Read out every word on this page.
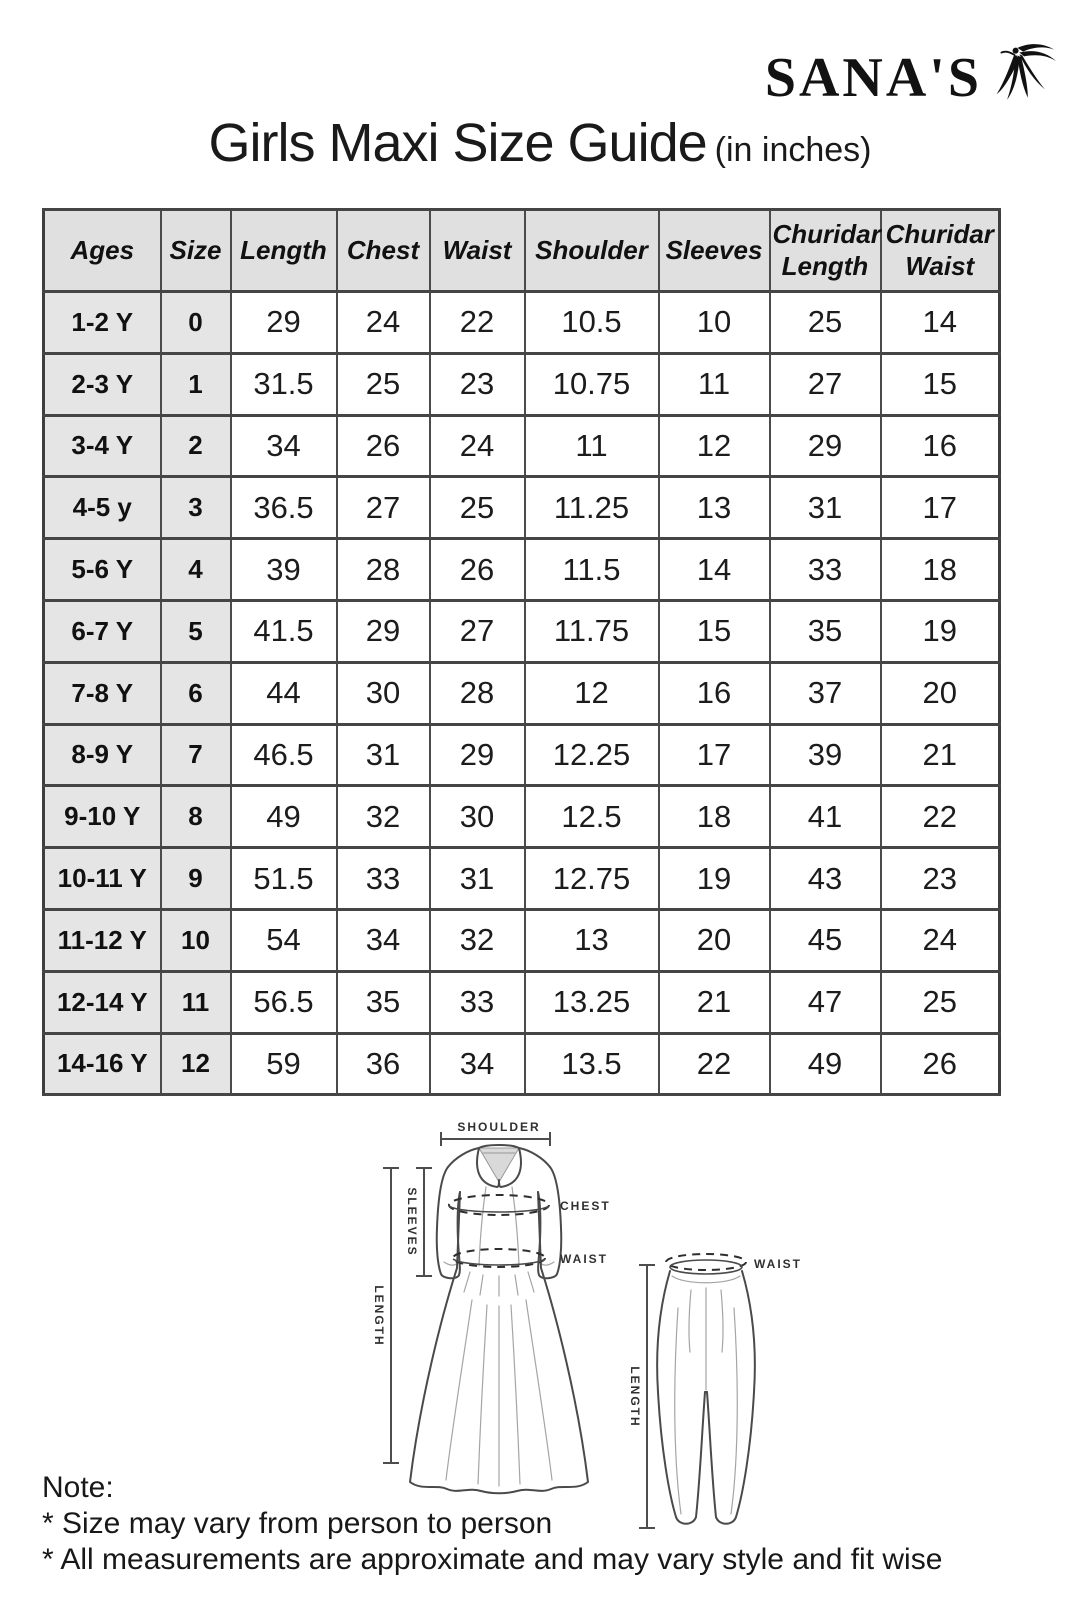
SANA'S
Girls Maxi Size Guide (in inches)
Ages	Size	Length	Chest	Waist	Shoulder	Sleeves	Churidar Length	Churidar Waist
1-2 Y	0	29	24	22	10.5	10	25	14
2-3 Y	1	31.5	25	23	10.75	11	27	15
3-4 Y	2	34	26	24	11	12	29	16
4-5 y	3	36.5	27	25	11.25	13	31	17
5-6 Y	4	39	28	26	11.5	14	33	18
6-7 Y	5	41.5	29	27	11.75	15	35	19
7-8 Y	6	44	30	28	12	16	37	20
8-9 Y	7	46.5	31	29	12.25	17	39	21
9-10 Y	8	49	32	30	12.5	18	41	22
10-11 Y	9	51.5	33	31	12.75	19	43	23
11-12 Y	10	54	34	32	13	20	45	24
12-14 Y	11	56.5	35	33	13.25	21	47	25
14-16 Y	12	59	36	34	13.5	22	49	26
SHOULDER
CHEST
WAIST
SLEEVES
LENGTH
LENGTH
WAIST
Note:
* Size may vary from person to person
* All measurements are approximate and may vary style and fit wise
